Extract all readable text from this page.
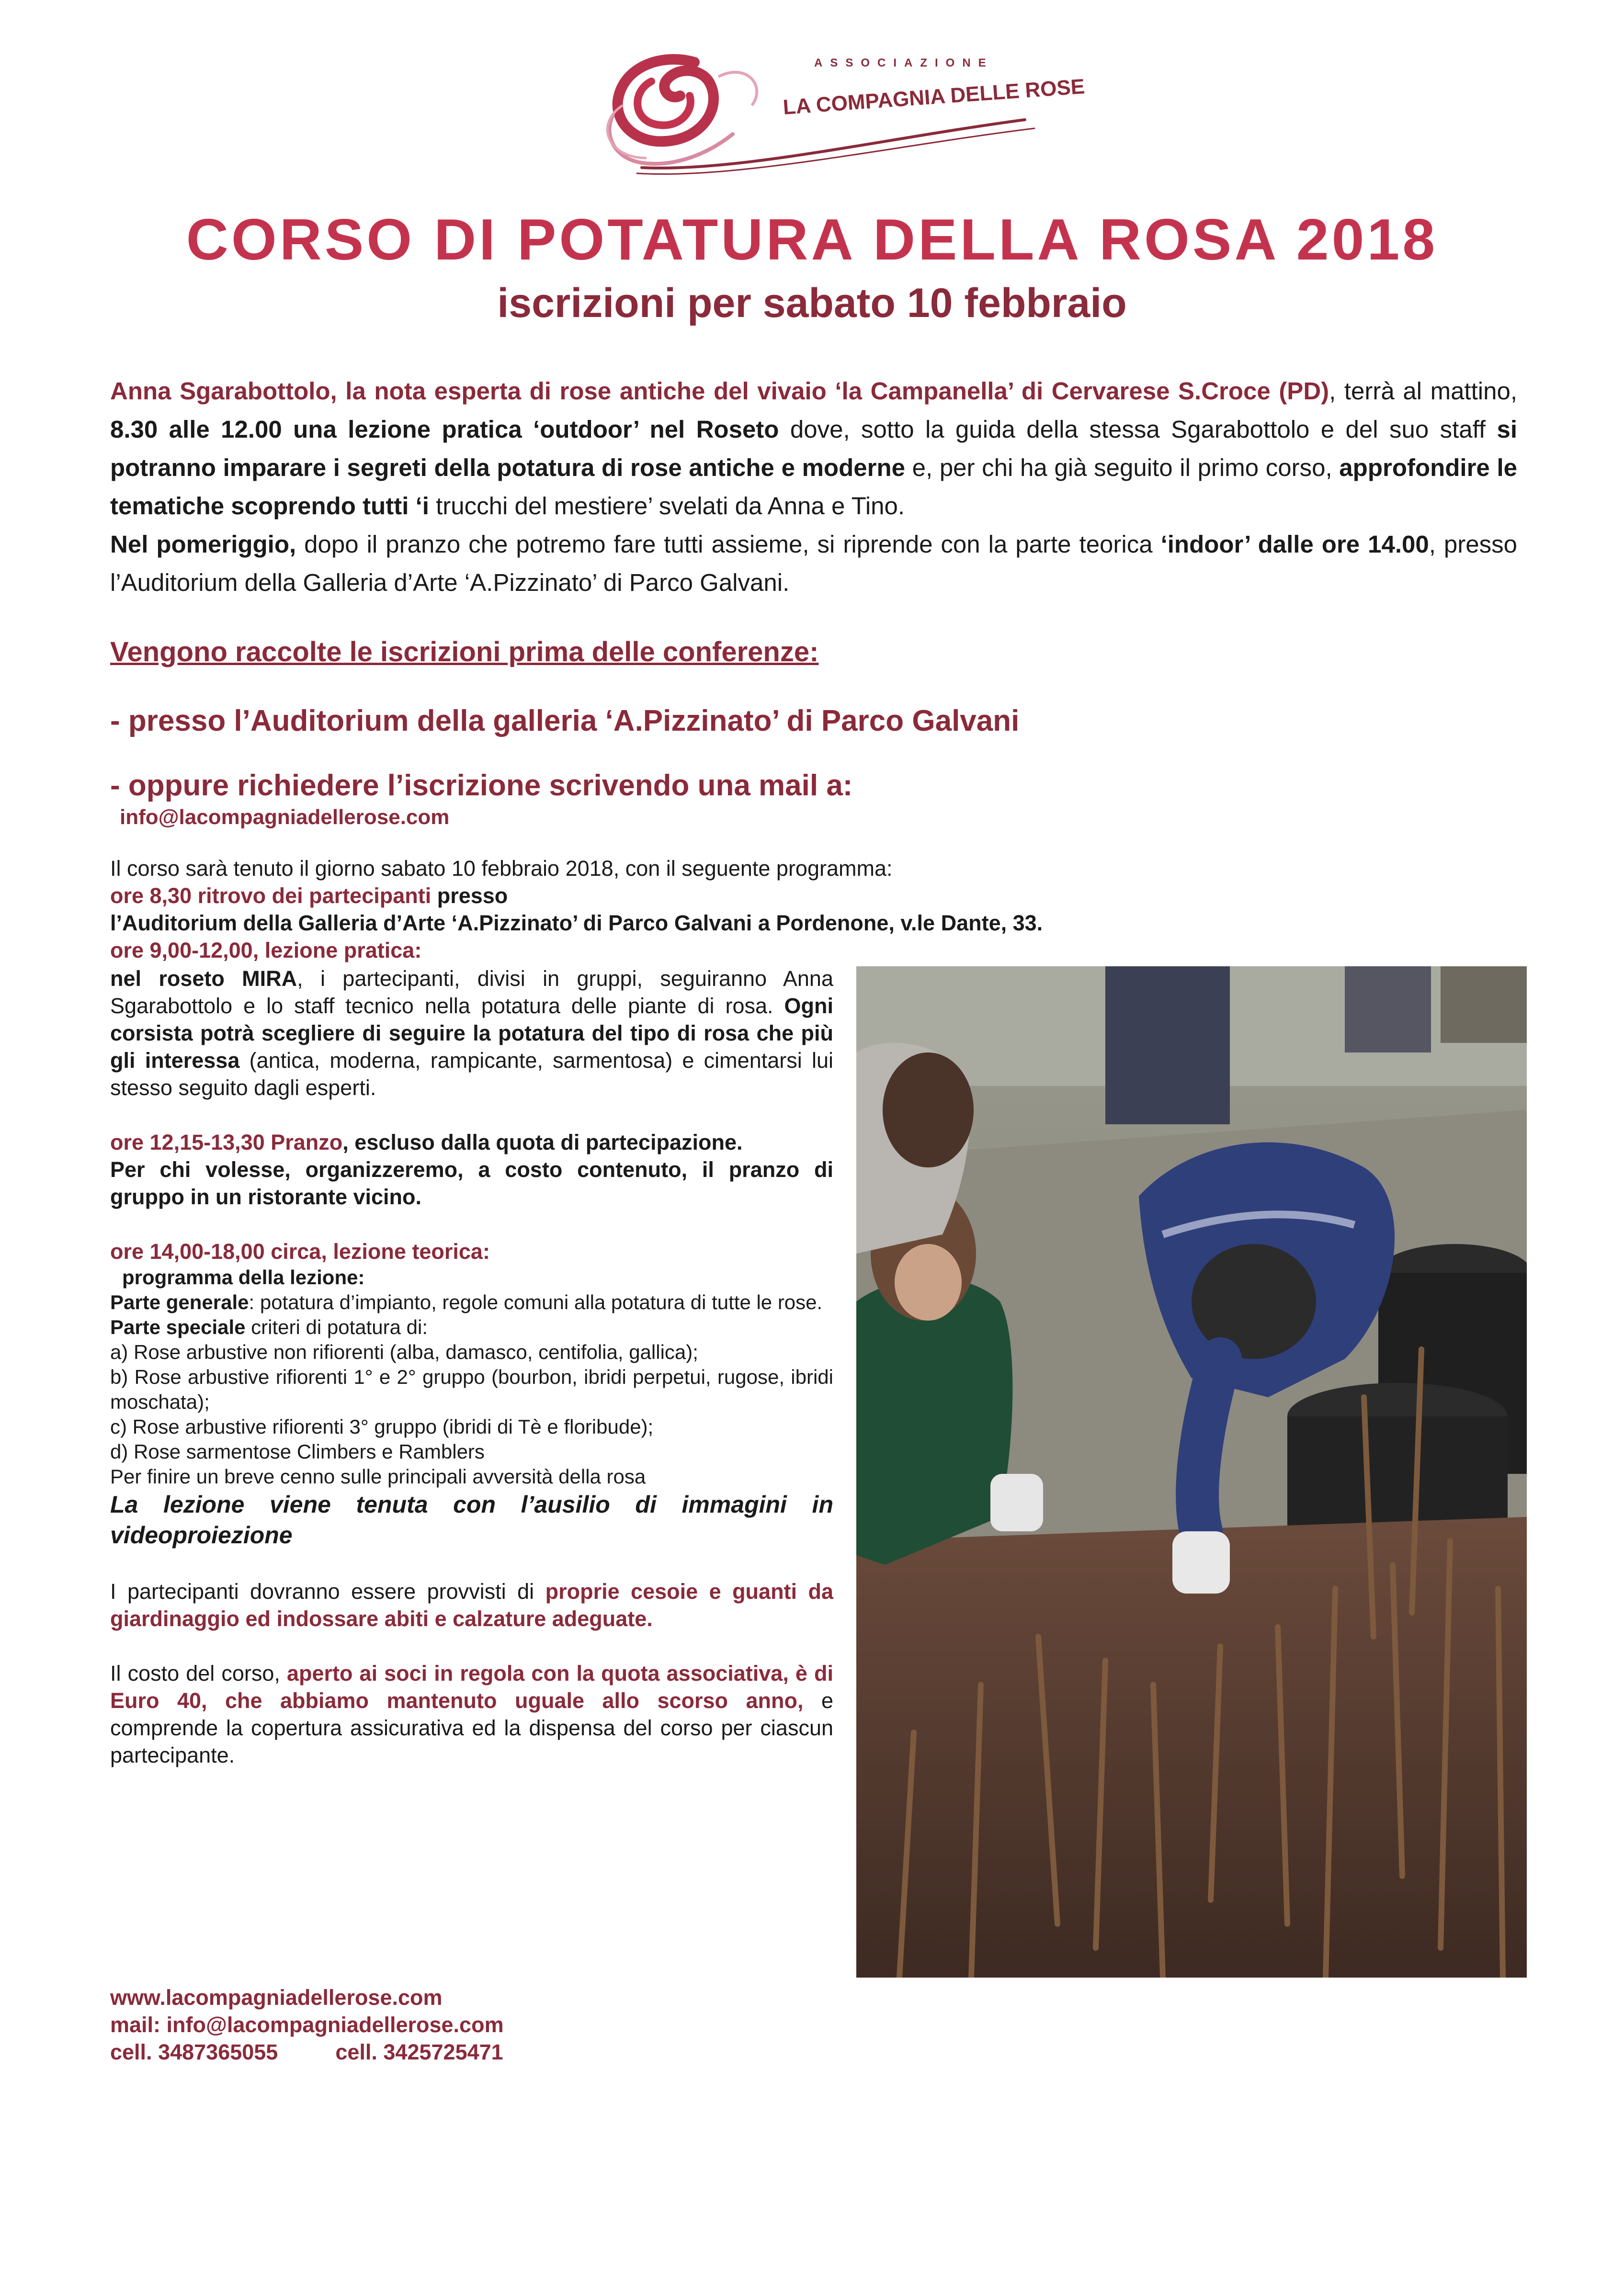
ASSOCIAZIONE
LA COMPAGNIA DELLE ROSE
CORSO DI POTATURA DELLA ROSA 2018
iscrizioni per sabato 10 febbraio

Anna Sgarabottolo, la nota esperta di rose antiche del vivaio ‘la Campanella’ di Cervarese S.Croce (PD), terrà al mattino, 8.30 alle 12.00 una lezione pratica ‘outdoor’ nel Roseto dove, sotto la guida della stessa Sgarabottolo e del suo staff si potranno imparare i segreti della potatura di rose antiche e moderne e, per chi ha già seguito il primo corso, approfondire le tematiche scoprendo tutti ‘i trucchi del mestiere’ svelati da Anna e Tino.

Nel pomeriggio, dopo il pranzo che potremo fare tutti assieme, si riprende con la parte teorica ‘indoor’ dalle ore 14.00, presso l’Auditorium della Galleria d’Arte ‘A.Pizzinato’ di Parco Galvani.

Vengono raccolte le iscrizioni prima delle conferenze:
- presso l’Auditorium della galleria ‘A.Pizzinato’ di Parco Galvani
- oppure richiedere l’iscrizione scrivendo una mail a:
info@lacompagniadellerose.com
Il corso sarà tenuto il giorno sabato 10 febbraio 2018, con il seguente programma:
ore 8,30 ritrovo dei partecipanti presso
l’Auditorium della Galleria d’Arte ‘A.Pizzinato’ di Parco Galvani a Pordenone, v.le Dante, 33.
ore 9,00-12,00, lezione pratica:

nel roseto MIRA, i partecipanti, divisi in gruppi, seguiranno Anna Sgarabottolo e lo staff tecnico nella potatura delle piante di rosa. Ogni corsista potrà scegliere di seguire la potatura del tipo di rosa che più gli interessa (antica, moderna, rampicante, sarmentosa) e cimentarsi lui stesso seguito dagli esperti.

ore 12,15-13,30 Pranzo, escluso dalla quota di partecipazione.

Per chi volesse, organizzeremo, a costo contenuto, il pranzo di gruppo in un ristorante vicino.

ore 14,00-18,00 circa, lezione teorica:

programma della lezione:

Parte generale: potatura d’impianto, regole comuni alla potatura di tutte le rose.

Parte speciale criteri di potatura di:

a) Rose arbustive non rifiorenti (alba, damasco, centifolia, gallica);

b) Rose arbustive rifiorenti 1° e 2° gruppo (bourbon, ibridi perpetui, rugose, ibridi moschata);

c) Rose arbustive rifiorenti 3° gruppo (ibridi di Tè e floribude);

d) Rose sarmentose Climbers e Ramblers

Per finire un breve cenno sulle principali avversità della rosa

La lezione viene tenuta con l’ausilio di immagini in videoproiezione

I partecipanti dovranno essere provvisti di proprie cesoie e guanti da giardinaggio ed indossare abiti e calzature adeguate.

Il costo del corso, aperto ai soci in regola con la quota associativa, è di Euro 40, che abbiamo mantenuto uguale allo scorso anno, e comprende la copertura assicurativa ed la dispensa del corso per ciascun partecipante.

www.lacompagniadellerose.com
mail: info@lacompagniadellerose.com
cell. 3487365055	cell. 3425725471
